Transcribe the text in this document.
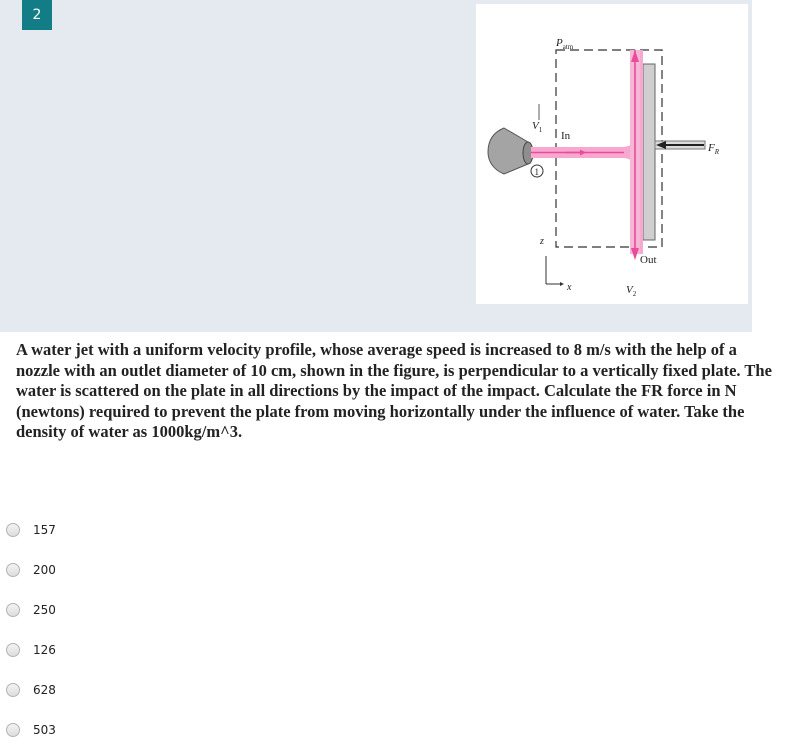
2
$P_{atm}$
$V_1$ In
1
$F_R$
Out
$V_2$
z
x

A water jet with a uniform velocity profile, whose average speed is increased to 8 m/s with the help of a nozzle with an outlet diameter of 10 cm, shown in the figure, is perpendicular to a vertically fixed plate. The water is scattered on the plate in all directions by the impact of the impact. Calculate the FR force in N (newtons) required to prevent the plate from moving horizontally under the influence of water. Take the density of water as 1000kg/m^3.

157
200
250
126
628
503
